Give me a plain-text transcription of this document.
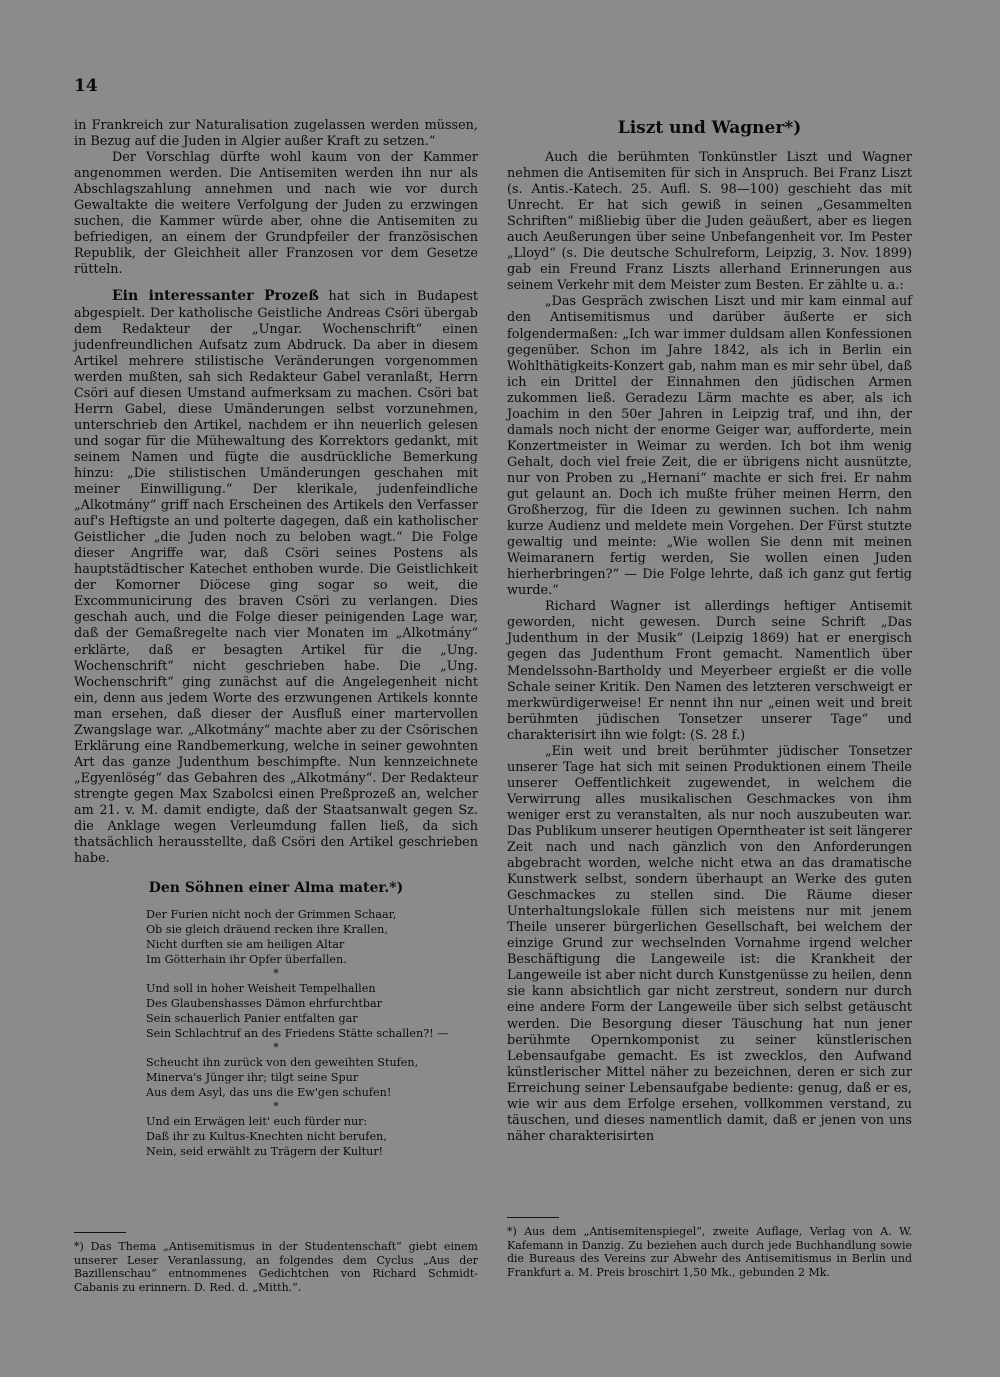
14

in Frankreich zur Naturalisation zugelassen werden müssen, in Bezug auf die Juden in Algier außer Kraft zu setzen.“

Der Vorschlag dürfte wohl kaum von der Kammer angenommen werden. Die Antisemiten werden ihn nur als Abschlagszahlung annehmen und nach wie vor durch Gewaltakte die weitere Verfolgung der Juden zu erzwingen suchen, die Kammer würde aber, ohne die Antisemiten zu befriedigen, an einem der Grundpfeiler der französischen Republik, der Gleichheit aller Franzosen vor dem Gesetze rütteln.

Ein interessanter Prozeß hat sich in Budapest abgespielt. Der katholische Geistliche Andreas Csöri übergab dem Redakteur der „Ungar. Wochenschrift“ einen judenfreundlichen Aufsatz zum Abdruck. Da aber in diesem Artikel mehrere stilistische Veränderungen vorgenommen werden mußten, sah sich Redakteur Gabel veranlaßt, Herrn Csöri auf diesen Umstand aufmerksam zu machen. Csöri bat Herrn Gabel, diese Umänderungen selbst vorzunehmen, unterschrieb den Artikel, nachdem er ihn neuerlich gelesen und sogar für die Mühewaltung des Korrektors gedankt, mit seinem Namen und fügte die ausdrückliche Bemerkung hinzu: „Die stilistischen Umänderungen geschahen mit meiner Einwilligung.“ Der klerikale, judenfeindliche „Alkotmány“ griff nach Erscheinen des Artikels den Verfasser auf's Heftigste an und polterte dagegen, daß ein katholischer Geistlicher „die Juden noch zu beloben wagt.“ Die Folge dieser Angriffe war, daß Csöri seines Postens als hauptstädtischer Katechet enthoben wurde. Die Geistlichkeit der Komorner Diöcese ging sogar so weit, die Excommunicirung des braven Csöri zu verlangen. Dies geschah auch, und die Folge dieser peinigenden Lage war, daß der Gemaßregelte nach vier Monaten im „Alkotmány“ erklärte, daß er besagten Artikel für die „Ung. Wochenschrift“ nicht geschrieben habe. Die „Ung. Wochenschrift“ ging zunächst auf die Angelegenheit nicht ein, denn aus jedem Worte des erzwungenen Artikels konnte man ersehen, daß dieser der Ausfluß einer martervollen Zwangslage war. „Alkotmány“ machte aber zu der Csörischen Erklärung eine Randbemerkung, welche in seiner gewohnten Art das ganze Judenthum beschimpfte. Nun kennzeichnete „Egyenlöség“ das Gebahren des „Alkotmány“. Der Redakteur strengte gegen Max Szabolcsi einen Preßprozeß an, welcher am 21. v. M. damit endigte, daß der Staatsanwalt gegen Sz. die Anklage wegen Verleumdung fallen ließ, da sich thatsächlich herausstellte, daß Csöri den Artikel geschrieben habe.

Den Söhnen einer Alma mater.*)
Der Furien nicht noch der Grimmen Schaar,
Ob sie gleich dräuend recken ihre Krallen,
Nicht durften sie am heiligen Altar
Im Götterhain ihr Opfer überfallen.
*
Und soll in hoher Weisheit Tempelhallen
Des Glaubenshasses Dämon ehrfurchtbar
Sein schauerlich Panier entfalten gar
Sein Schlachtruf an des Friedens Stätte schallen?! —
*
Scheucht ihn zurück von den geweihten Stufen,
Minerva's Jünger ihr; tilgt seine Spur
Aus dem Asyl, das uns die Ew'gen schufen!
*
Und ein Erwägen leit' euch fürder nur:
Daß ihr zu Kultus-Knechten nicht berufen,
Nein, seid erwählt zu Trägern der Kultur!
*) Das Thema „Antisemitismus in der Studentenschaft“ giebt einem unserer Leser Veranlassung, an folgendes dem Cyclus „Aus der Bazillenschau“ entnommenes Gedichtchen von Richard Schmidt-Cabanis zu erinnern. D. Red. d. „Mitth.“.
Liszt und Wagner*)

Auch die berühmten Tonkünstler Liszt und Wagner nehmen die Antisemiten für sich in Anspruch. Bei Franz Liszt (s. Antis.-Katech. 25. Aufl. S. 98—100) geschieht das mit Unrecht. Er hat sich gewiß in seinen „Gesammelten Schriften“ mißliebig über die Juden geäußert, aber es liegen auch Aeußerungen über seine Unbefangenheit vor. Im Pester „Lloyd“ (s. Die deutsche Schulreform, Leipzig, 3. Nov. 1899) gab ein Freund Franz Liszts allerhand Erinnerungen aus seinem Verkehr mit dem Meister zum Besten. Er zählte u. a.:

„Das Gespräch zwischen Liszt und mir kam einmal auf den Antisemitismus und darüber äußerte er sich folgendermaßen: „Ich war immer duldsam allen Konfessionen gegenüber. Schon im Jahre 1842, als ich in Berlin ein Wohlthätigkeits-Konzert gab, nahm man es mir sehr übel, daß ich ein Drittel der Einnahmen den jüdischen Armen zukommen ließ. Geradezu Lärm machte es aber, als ich Joachim in den 50er Jahren in Leipzig traf, und ihn, der damals noch nicht der enorme Geiger war, aufforderte, mein Konzertmeister in Weimar zu werden. Ich bot ihm wenig Gehalt, doch viel freie Zeit, die er übrigens nicht ausnützte, nur von Proben zu „Hernani“ machte er sich frei. Er nahm gut gelaunt an. Doch ich mußte früher meinen Herrn, den Großherzog, für die Ideen zu gewinnen suchen. Ich nahm kurze Audienz und meldete mein Vorgehen. Der Fürst stutzte gewaltig und meinte: „Wie wollen Sie denn mit meinen Weimaranern fertig werden, Sie wollen einen Juden hierherbringen?“ — Die Folge lehrte, daß ich ganz gut fertig wurde.“

Richard Wagner ist allerdings heftiger Antisemit geworden, nicht gewesen. Durch seine Schrift „Das Judenthum in der Musik“ (Leipzig 1869) hat er energisch gegen das Judenthum Front gemacht. Namentlich über Mendelssohn-Bartholdy und Meyerbeer ergießt er die volle Schale seiner Kritik. Den Namen des letzteren verschweigt er merkwürdigerweise! Er nennt ihn nur „einen weit und breit berühmten jüdischen Tonsetzer unserer Tage“ und charakterisirt ihn wie folgt: (S. 28 f.)

„Ein weit und breit berühmter jüdischer Tonsetzer unserer Tage hat sich mit seinen Produktionen einem Theile unserer Oeffentlichkeit zugewendet, in welchem die Verwirrung alles musikalischen Geschmackes von ihm weniger erst zu veranstalten, als nur noch auszubeuten war. Das Publikum unserer heutigen Operntheater ist seit längerer Zeit nach und nach gänzlich von den Anforderungen abgebracht worden, welche nicht etwa an das dramatische Kunstwerk selbst, sondern überhaupt an Werke des guten Geschmackes zu stellen sind. Die Räume dieser Unterhaltungslokale füllen sich meistens nur mit jenem Theile unserer bürgerlichen Gesellschaft, bei welchem der einzige Grund zur wechselnden Vornahme irgend welcher Beschäftigung die Langeweile ist: die Krankheit der Langeweile ist aber nicht durch Kunstgenüsse zu heilen, denn sie kann absichtlich gar nicht zerstreut, sondern nur durch eine andere Form der Langeweile über sich selbst getäuscht werden. Die Besorgung dieser Täuschung hat nun jener berühmte Opernkomponist zu seiner künstlerischen Lebensaufgabe gemacht. Es ist zwecklos, den Aufwand künstlerischer Mittel näher zu bezeichnen, deren er sich zur Erreichung seiner Lebensaufgabe bediente: genug, daß er es, wie wir aus dem Erfolge ersehen, vollkommen verstand, zu täuschen, und dieses namentlich damit, daß er jenen von uns näher charakterisirten

*) Aus dem „Antisemitenspiegel“, zweite Auflage, Verlag von A. W. Kafemann in Danzig. Zu beziehen auch durch jede Buchhandlung sowie die Bureaus des Vereins zur Abwehr des Antisemitismus in Berlin und Frankfurt a. M. Preis broschirt 1,50 Mk., gebunden 2 Mk.
